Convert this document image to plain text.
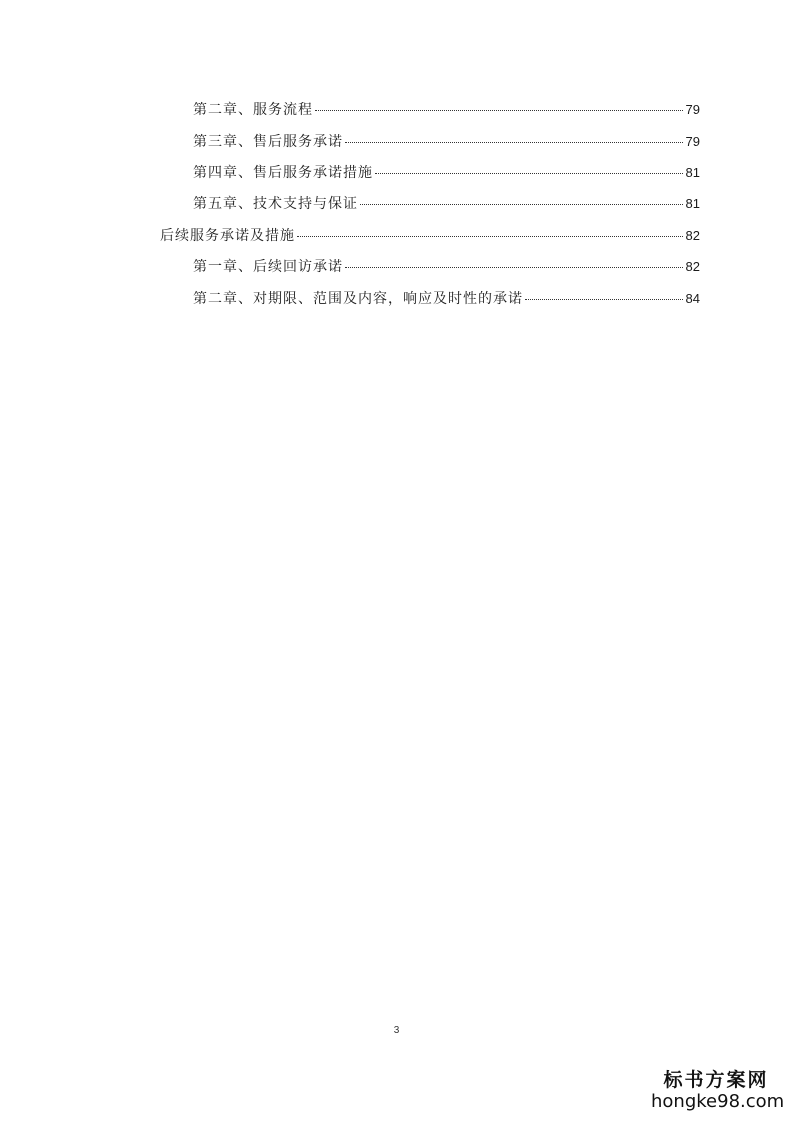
第二章、服务流程	79
第三章、售后服务承诺	79
第四章、售后服务承诺措施	81
第五章、技术支持与保证	81
后续服务承诺及措施	82
第一章、后续回访承诺	82
第二章、对期限、范围及内容，响应及时性的承诺	84
3
标书方案网
hongke98.com
